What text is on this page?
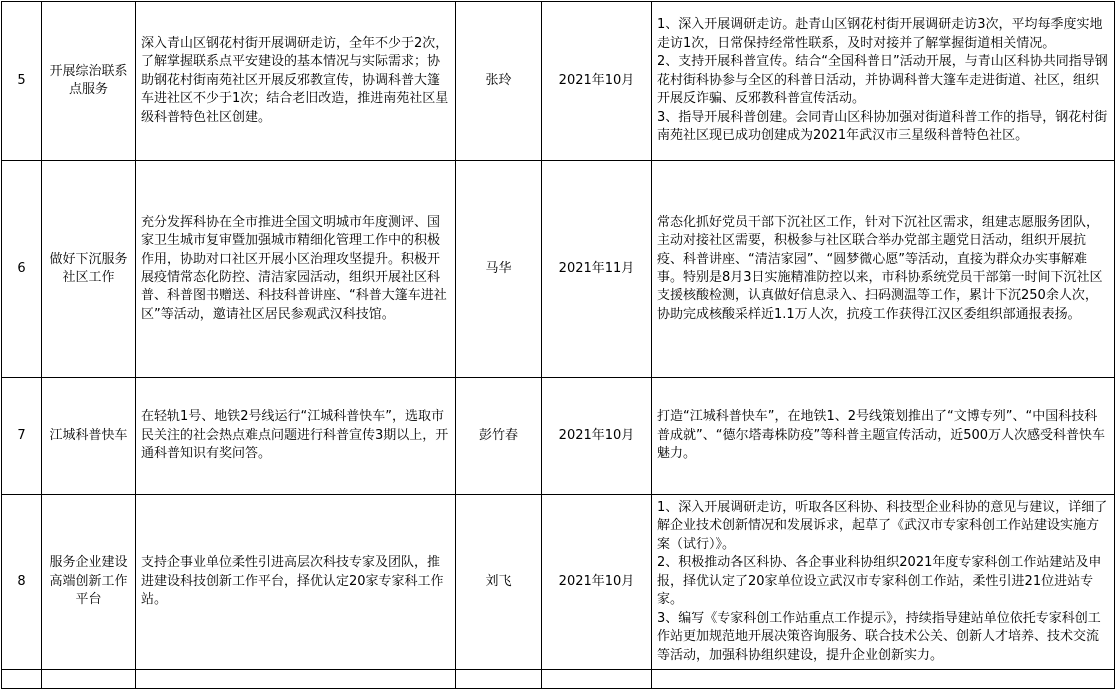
5	开展综治联系点服务	深入青山区钢花村街开展调研走访，全年不少于2次，了解掌握联系点平安建设的基本情况与实际需求；协助钢花村街南苑社区开展反邪教宣传，协调科普大篷车进社区不少于1次；结合老旧改造，推进南苑社区星级科普特色社区创建。	张玲	2021年10月	1、深入开展调研走访。赴青山区钢花村街开展调研走访3次，平均每季度实地走访1次，日常保持经常性联系，及时对接并了解掌握街道相关情况。
2、支持开展科普宣传。结合“全国科普日”活动开展，与青山区科协共同指导钢花村街科协参与全区的科普日活动，并协调科普大篷车走进街道、社区，组织开展反诈骗、反邪教科普宣传活动。
3、指导开展科普创建。会同青山区科协加强对街道科普工作的指导，钢花村街南苑社区现已成功创建成为2021年武汉市三星级科普特色社区。
6	做好下沉服务社区工作	充分发挥科协在全市推进全国文明城市年度测评、国家卫生城市复审暨加强城市精细化管理工作中的积极作用，协助对口社区开展小区治理攻坚提升。积极开展疫情常态化防控、清洁家园活动，组织开展社区科普、科普图书赠送、科技科普讲座、“科普大篷车进社区”等活动，邀请社区居民参观武汉科技馆。	马华	2021年11月	常态化抓好党员干部下沉社区工作，针对下沉社区需求，组建志愿服务团队，主动对接社区需要，积极参与社区联合举办党部主题党日活动，组织开展抗疫、科普讲座、“清洁家园”、“圆梦微心愿”等活动，直接为群众办实事解难事。特别是8月3日实施精准防控以来，市科协系统党员干部第一时间下沉社区支援核酸检测，认真做好信息录入、扫码测温等工作，累计下沉250余人次，协助完成核酸采样近1.1万人次，抗疫工作获得江汉区委组织部通报表扬。
7	江城科普快车	在轻轨1号、地铁2号线运行“江城科普快车”，选取市民关注的社会热点难点问题进行科普宣传3期以上，开通科普知识有奖问答。	彭竹春	2021年10月	打造“江城科普快车”，在地铁1、2号线策划推出了“文博专列”、“中国科技科普成就”、“德尔塔毒株防疫”等科普主题宣传活动，近500万人次感受科普快车魅力。
8	服务企业建设高端创新工作平台	支持企事业单位柔性引进高层次科技专家及团队，推进建设科技创新工作平台，择优认定20家专家科工作站。	刘飞	2021年10月	1、深入开展调研走访，听取各区科协、科技型企业科协的意见与建议，详细了解企业技术创新情况和发展诉求，起草了《武汉市专家科创工作站建设实施方案（试行）》。
2、积极推动各区科协、各企事业科协组织2021年度专家科创工作站建站及申报，择优认定了20家单位设立武汉市专家科创工作站，柔性引进21位进站专家。
3、编写《专家科创工作站重点工作提示》，持续指导建站单位依托专家科创工作站更加规范地开展决策咨询服务、联合技术公关、创新人才培养、技术交流等活动，加强科协组织建设，提升企业创新实力。
